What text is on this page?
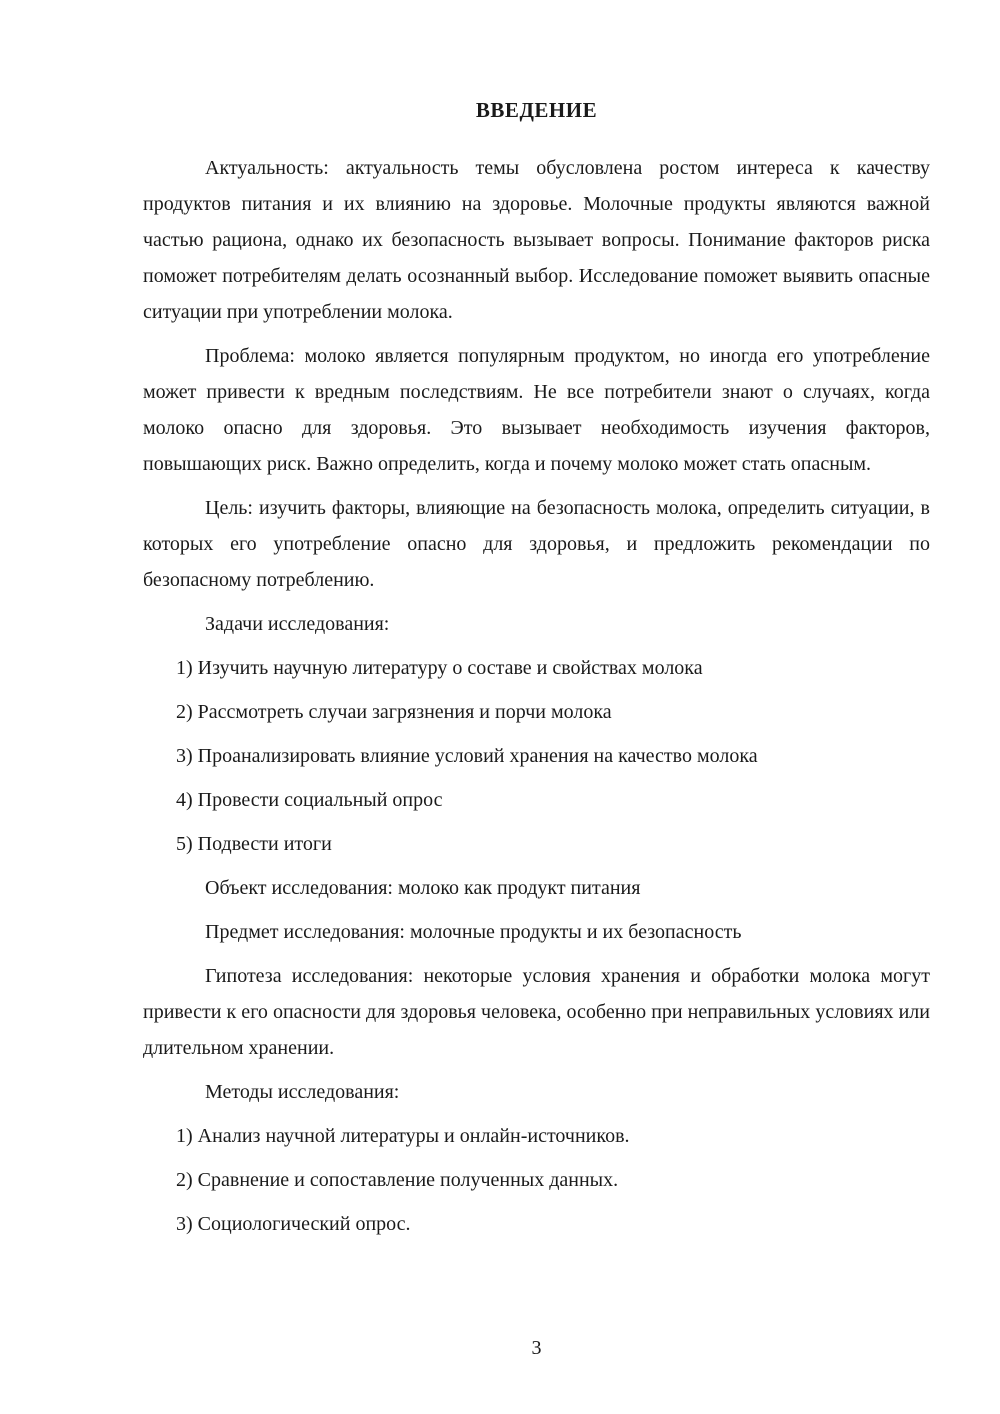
ВВЕДЕНИЕ

Актуальность: актуальность темы обусловлена ростом интереса к качеству продуктов питания и их влиянию на здоровье. Молочные продукты являются важной частью рациона, однако их безопасность вызывает вопросы. Понимание факторов риска поможет потребителям делать осознанный выбор. Исследование поможет выявить опасные ситуации при употреблении молока.

Проблема: молоко является популярным продуктом, но иногда его употребление может привести к вредным последствиям. Не все потребители знают о случаях, когда молоко опасно для здоровья. Это вызывает необходимость изучения факторов, повышающих риск. Важно определить, когда и почему молоко может стать опасным.

Цель: изучить факторы, влияющие на безопасность молока, определить ситуации, в которых его употребление опасно для здоровья, и предложить рекомендации по безопасному потреблению.

Задачи исследования:

1) Изучить научную литературу о составе и свойствах молока

2) Рассмотреть случаи загрязнения и порчи молока

3) Проанализировать влияние условий хранения на качество молока

4) Провести социальный опрос

5) Подвести итоги

Объект исследования: молоко как продукт питания

Предмет исследования: молочные продукты и их безопасность

Гипотеза исследования: некоторые условия хранения и обработки молока могут привести к его опасности для здоровья человека, особенно при неправильных условиях или длительном хранении.

Методы исследования:

1) Анализ научной литературы и онлайн-источников.

2) Сравнение и сопоставление полученных данных.

3) Социологический опрос.

3
